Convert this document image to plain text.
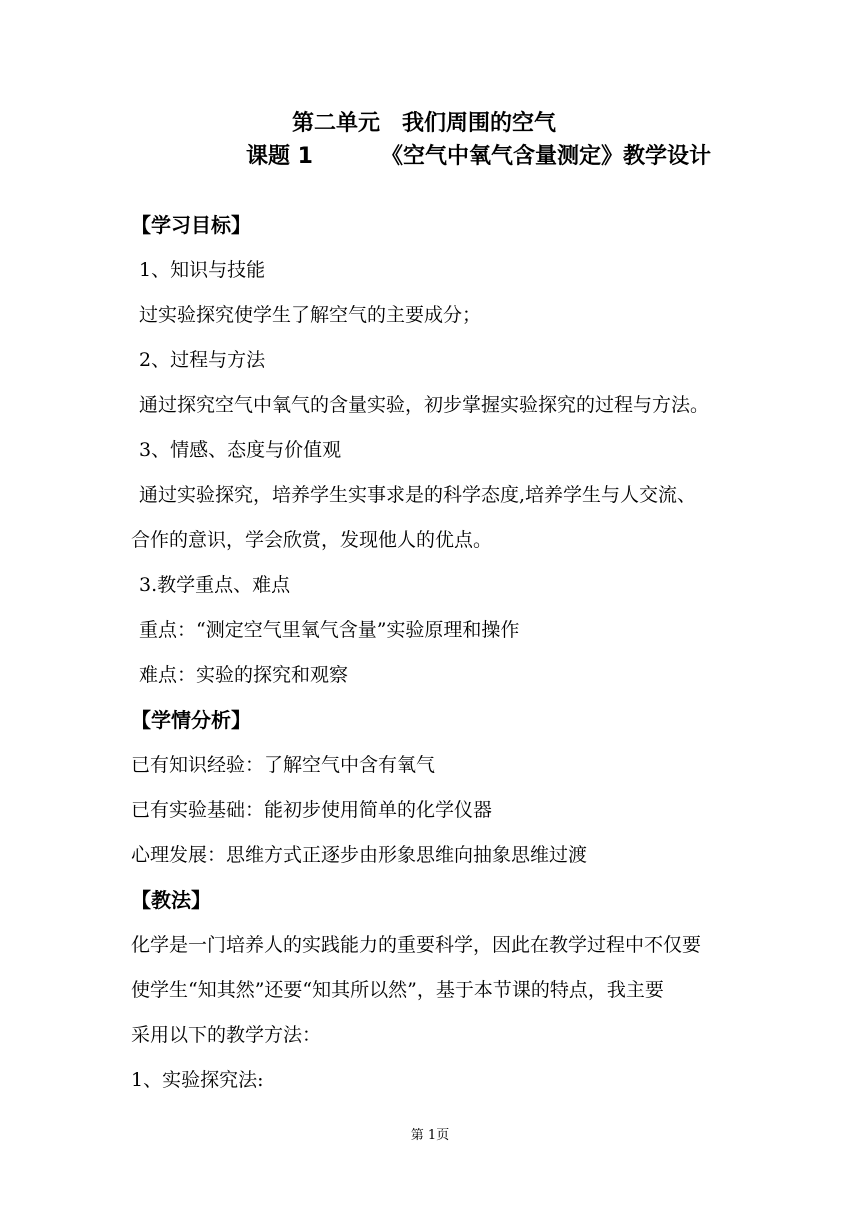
第二单元　我们周围的空气
课题 1	《空气中氧气含量测定》教学设计
【学习目标】
1、知识与技能
过实验探究使学生了解空气的主要成分；
2、过程与方法
通过探究空气中氧气的含量实验，初步掌握实验探究的过程与方法。
3、情感、态度与价值观
通过实验探究，培养学生实事求是的科学态度,培养学生与人交流、
合作的意识，学会欣赏，发现他人的优点。
3.教学重点、难点
重点：“测定空气里氧气含量”实验原理和操作
难点：实验的探究和观察
【学情分析】
已有知识经验：了解空气中含有氧气
已有实验基础：能初步使用简单的化学仪器
心理发展：思维方式正逐步由形象思维向抽象思维过渡
【教法】
化学是一门培养人的实践能力的重要科学，因此在教学过程中不仅要
使学生“知其然”还要“知其所以然”，基于本节课的特点，我主要
采用以下的教学方法：
1、实验探究法:
第 1页
